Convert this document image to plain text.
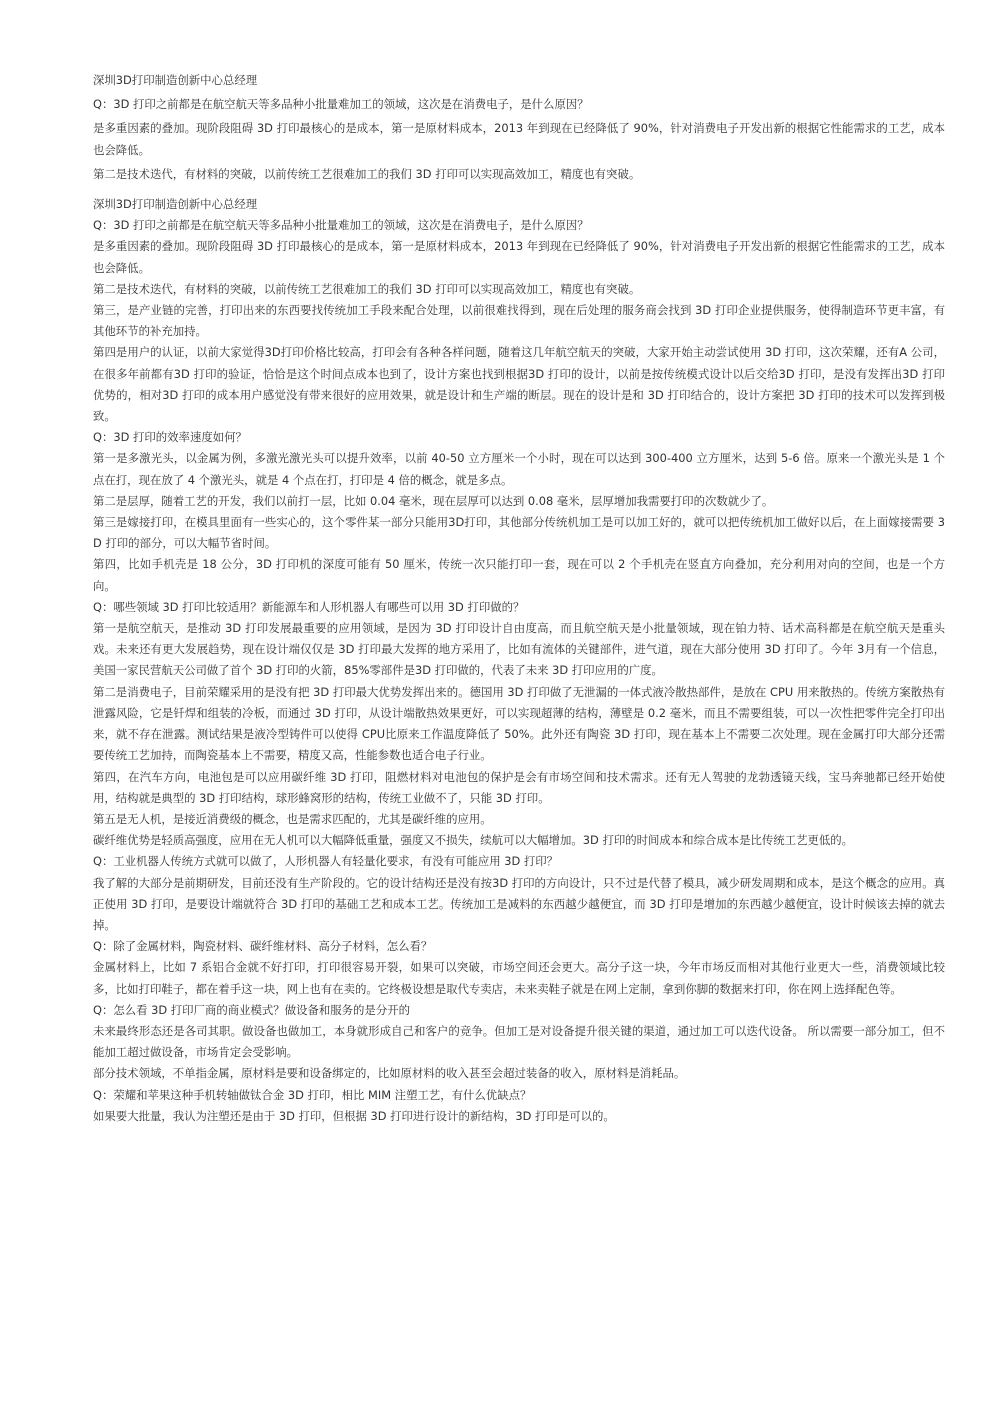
深圳3D打印制造创新中心总经理

Q：3D 打印之前都是在航空航天等多品种小批量难加工的领域，这次是在消费电子，是什么原因？

是多重因素的叠加。现阶段阻碍 3D 打印最核心的是成本，第一是原材料成本，2013 年到现在已经降低了 90%，针对消费电子开发出新的根据它性能需求的工艺，成本也会降低。

第二是技术迭代，有材料的突破，以前传统工艺很难加工的我们 3D 打印可以实现高效加工，精度也有突破。

深圳3D打印制造创新中心总经理

Q：3D 打印之前都是在航空航天等多品种小批量难加工的领域，这次是在消费电子，是什么原因？

是多重因素的叠加。现阶段阻碍 3D 打印最核心的是成本，第一是原材料成本，2013 年到现在已经降低了 90%，针对消费电子开发出新的根据它性能需求的工艺，成本也会降低。

第二是技术迭代，有材料的突破，以前传统工艺很难加工的我们 3D 打印可以实现高效加工，精度也有突破。

第三，是产业链的完善，打印出来的东西要找传统加工手段来配合处理，以前很难找得到，现在后处理的服务商会找到 3D 打印企业提供服务，使得制造环节更丰富，有其他环节的补充加持。

第四是用户的认证，以前大家觉得3D打印价格比较高，打印会有各种各样问题，随着这几年航空航天的突破，大家开始主动尝试使用 3D 打印，这次荣耀，还有A 公司，在很多年前都有3D 打印的验证，恰恰是这个时间点成本也到了，设计方案也找到根据3D 打印的设计，以前是按传统模式设计以后交给3D 打印，是没有发挥出3D 打印优势的，相对3D 打印的成本用户感觉没有带来很好的应用效果，就是设计和生产端的断层。现在的设计是和 3D 打印结合的，设计方案把 3D 打印的技术可以发挥到极致。

Q：3D 打印的效率速度如何？

第一是多激光头，以金属为例，多激光激光头可以提升效率，以前 40-50 立方厘米一个小时，现在可以达到 300-400 立方厘米，达到 5-6 倍。原来一个激光头是 1 个点在打，现在放了 4 个激光头，就是 4 个点在打，打印是 4 倍的概念，就是多点。

第二是层厚，随着工艺的开发，我们以前打一层，比如 0.04 毫米，现在层厚可以达到 0.08 毫米，层厚增加我需要打印的次数就少了。

第三是嫁接打印，在模具里面有一些实心的，这个零件某一部分只能用3D打印，其他部分传统机加工是可以加工好的，就可以把传统机加工做好以后，在上面嫁接需要 3D 打印的部分，可以大幅节省时间。

第四，比如手机壳是 18 公分，3D 打印机的深度可能有 50 厘米，传统一次只能打印一套，现在可以 2 个手机壳在竖直方向叠加，充分利用对向的空间，也是一个方向。

Q：哪些领域 3D 打印比较适用？新能源车和人形机器人有哪些可以用 3D 打印做的？

第一是航空航天，是推动 3D 打印发展最重要的应用领域，是因为 3D 打印设计自由度高，而且航空航天是小批量领域，现在铂力特、话术高科都是在航空航天是重头戏。未来还有更大发展趋势，现在设计端仅仅是 3D 打印最大发挥的地方采用了，比如有流体的关键部件，进气道，现在大部分使用 3D 打印了。今年 3月有一个信息，美国一家民营航天公司做了首个 3D 打印的火箭，85%零部件是3D 打印做的，代表了未来 3D 打印应用的广度。

第二是消费电子，目前荣耀采用的是没有把 3D 打印最大优势发挥出来的。德国用 3D 打印做了无泄漏的一体式液冷散热部件，是放在 CPU 用来散热的。传统方案散热有泄露风险，它是钎焊和组装的冷板，而通过 3D 打印，从设计端散热效果更好，可以实现超薄的结构，薄壁是 0.2 毫米，而且不需要组装，可以一次性把零件完全打印出来，就不存在泄露。测试结果是液冷型铸件可以使得 CPU比原来工作温度降低了 50%。此外还有陶瓷 3D 打印，现在基本上不需要二次处理。现在金属打印大部分还需要传统工艺加持，而陶瓷基本上不需要，精度又高，性能参数也适合电子行业。

第四，在汽车方向，电池包是可以应用碳纤维 3D 打印，阻燃材料对电池包的保护是会有市场空间和技术需求。还有无人驾驶的龙勃透镜天线，宝马奔驰都已经开始使用，结构就是典型的 3D 打印结构，球形蜂窝形的结构，传统工业做不了，只能 3D 打印。

第五是无人机，是接近消费级的概念，也是需求匹配的，尤其是碳纤维的应用。

碳纤维优势是轻质高强度，应用在无人机可以大幅降低重量，强度又不损失，续航可以大幅增加。3D 打印的时间成本和综合成本是比传统工艺更低的。

Q：工业机器人传统方式就可以做了，人形机器人有轻量化要求，有没有可能应用 3D 打印？

我了解的大部分是前期研发，目前还没有生产阶段的。它的设计结构还是没有按3D 打印的方向设计，只不过是代替了模具，减少研发周期和成本，是这个概念的应用。真正使用 3D 打印，是要设计端就符合 3D 打印的基础工艺和成本工艺。传统加工是减料的东西越少越便宜，而 3D 打印是增加的东西越少越便宜，设计时候该去掉的就去掉。

Q：除了金属材料，陶瓷材料、碳纤维材料、高分子材料，怎么看？

金属材料上，比如 7 系铝合金就不好打印，打印很容易开裂，如果可以突破，市场空间还会更大。高分子这一块，今年市场反而相对其他行业更大一些，消费领域比较多，比如打印鞋子，都在着手这一块，网上也有在卖的。它终极设想是取代专卖店，未来卖鞋子就是在网上定制，拿到你脚的数据来打印，你在网上选择配色等。

Q：怎么看 3D 打印厂商的商业模式？做设备和服务的是分开的

未来最终形态还是各司其职。做设备也做加工，本身就形成自己和客户的竞争。但加工是对设备提升很关键的渠道，通过加工可以迭代设备。 所以需要一部分加工，但不能加工超过做设备，市场肯定会受影响。

部分技术领域，不单指金属，原材料是要和设备绑定的，比如原材料的收入甚至会超过装备的收入，原材料是消耗品。

Q：荣耀和苹果这种手机转轴做钛合金 3D 打印，相比 MIM 注塑工艺，有什么优缺点？

如果要大批量，我认为注塑还是由于 3D 打印，但根据 3D 打印进行设计的新结构，3D 打印是可以的。
